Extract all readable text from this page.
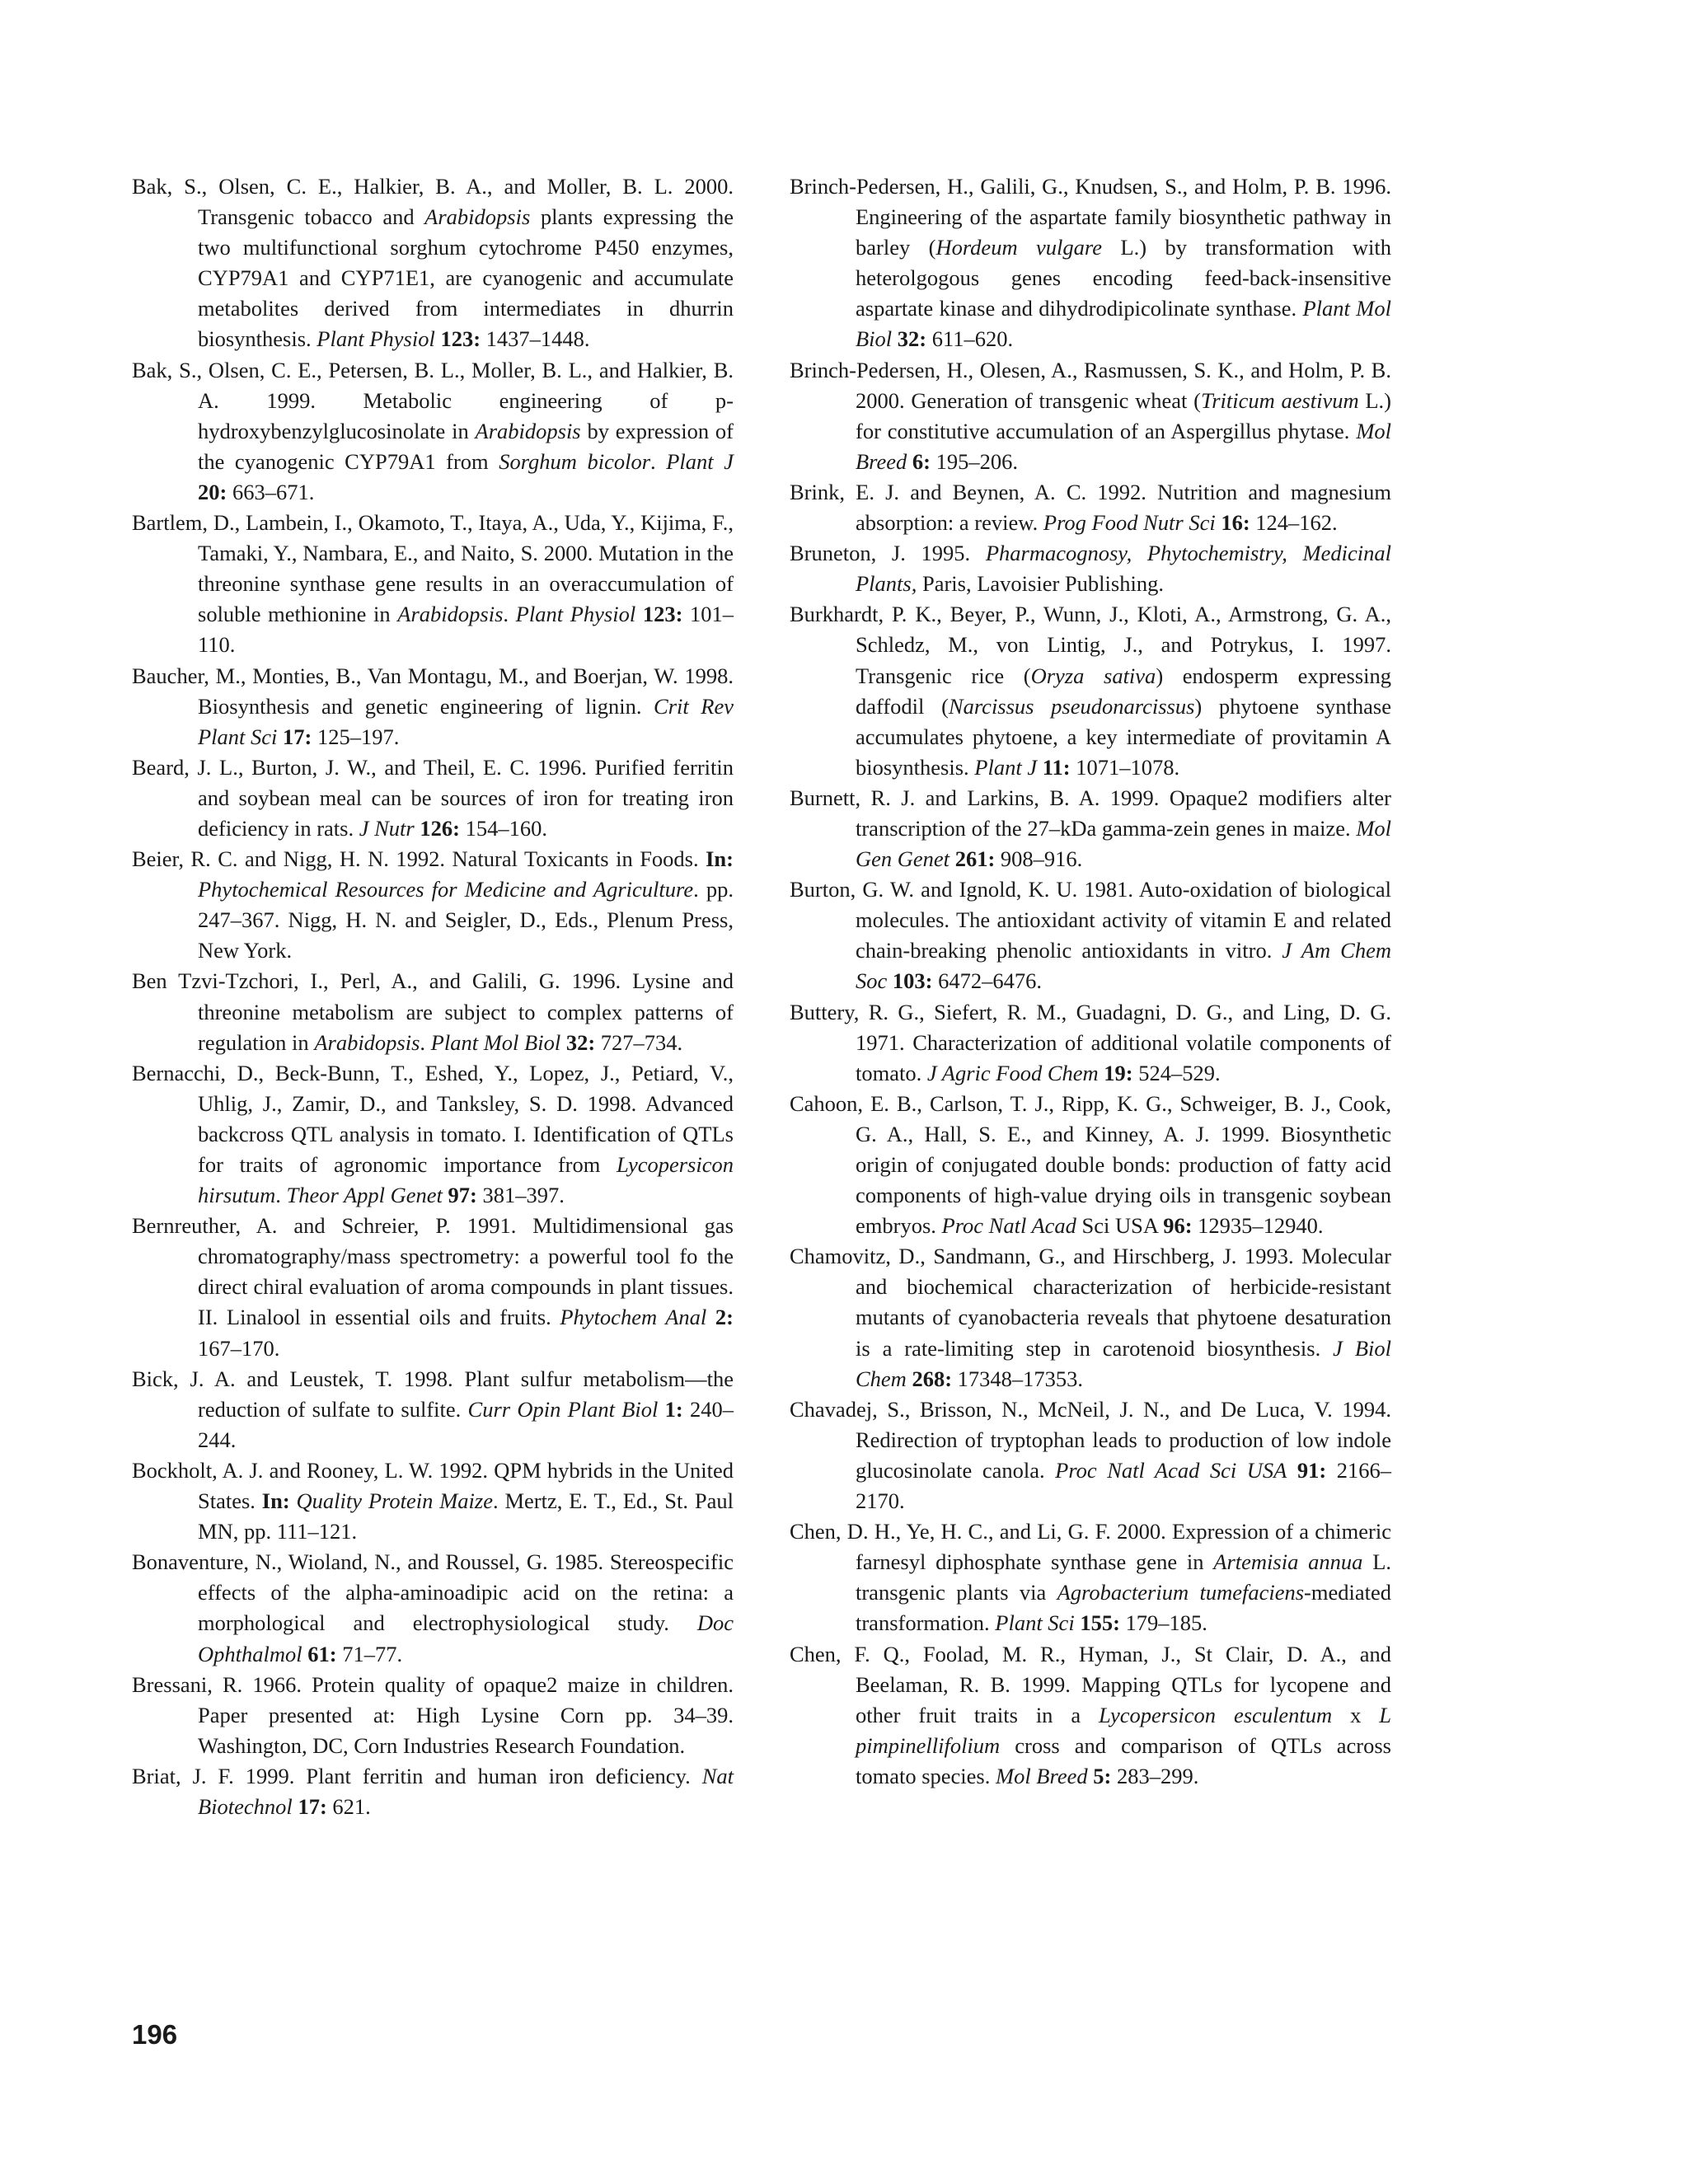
Bak, S., Olsen, C. E., Halkier, B. A., and Moller, B. L. 2000. Transgenic tobacco and Arabidopsis plants expressing the two multifunctional sorghum cytochrome P450 enzymes, CYP79A1 and CYP71E1, are cyanogenic and accumulate metabolites derived from intermediates in dhurrin biosynthesis. Plant Physiol 123: 1437–1448.

Bak, S., Olsen, C. E., Petersen, B. L., Moller, B. L., and Halkier, B. A. 1999. Metabolic engineering of p-hydroxybenzylglucosinolate in Arabidopsis by expression of the cyanogenic CYP79A1 from Sorghum bicolor. Plant J 20: 663–671.

Bartlem, D., Lambein, I., Okamoto, T., Itaya, A., Uda, Y., Kijima, F., Tamaki, Y., Nambara, E., and Naito, S. 2000. Mutation in the threonine synthase gene results in an overaccumulation of soluble methionine in Arabidopsis. Plant Physiol 123: 101–110.

Baucher, M., Monties, B., Van Montagu, M., and Boerjan, W. 1998. Biosynthesis and genetic engineering of lignin. Crit Rev Plant Sci 17: 125–197.

Beard, J. L., Burton, J. W., and Theil, E. C. 1996. Purified ferritin and soybean meal can be sources of iron for treating iron deficiency in rats. J Nutr 126: 154–160.

Beier, R. C. and Nigg, H. N. 1992. Natural Toxicants in Foods. In: Phytochemical Resources for Medicine and Agriculture. pp. 247–367. Nigg, H. N. and Seigler, D., Eds., Plenum Press, New York.

Ben Tzvi-Tzchori, I., Perl, A., and Galili, G. 1996. Lysine and threonine metabolism are subject to complex patterns of regulation in Arabidopsis. Plant Mol Biol 32: 727–734.

Bernacchi, D., Beck-Bunn, T., Eshed, Y., Lopez, J., Petiard, V., Uhlig, J., Zamir, D., and Tanksley, S. D. 1998. Advanced backcross QTL analysis in tomato. I. Identification of QTLs for traits of agronomic importance from Lycopersicon hirsutum. Theor Appl Genet 97: 381–397.

Bernreuther, A. and Schreier, P. 1991. Multidimensional gas chromatography/mass spectrometry: a powerful tool fo the direct chiral evaluation of aroma compounds in plant tissues. II. Linalool in essential oils and fruits. Phytochem Anal 2: 167–170.

Bick, J. A. and Leustek, T. 1998. Plant sulfur metabolism—the reduction of sulfate to sulfite. Curr Opin Plant Biol 1: 240–244.

Bockholt, A. J. and Rooney, L. W. 1992. QPM hybrids in the United States. In: Quality Protein Maize. Mertz, E. T., Ed., St. Paul MN, pp. 111–121.

Bonaventure, N., Wioland, N., and Roussel, G. 1985. Stereospecific effects of the alpha-aminoadipic acid on the retina: a morphological and electrophysiological study. Doc Ophthalmol 61: 71–77.

Bressani, R. 1966. Protein quality of opaque2 maize in children. Paper presented at: High Lysine Corn pp. 34–39. Washington, DC, Corn Industries Research Foundation.

Briat, J. F. 1999. Plant ferritin and human iron deficiency. Nat Biotechnol 17: 621.

Brinch-Pedersen, H., Galili, G., Knudsen, S., and Holm, P. B. 1996. Engineering of the aspartate family biosynthetic pathway in barley (Hordeum vulgare L.) by transformation with heterolgogous genes encoding feed-back-insensitive aspartate kinase and dihydrodipicolinate synthase. Plant Mol Biol 32: 611–620.

Brinch-Pedersen, H., Olesen, A., Rasmussen, S. K., and Holm, P. B. 2000. Generation of transgenic wheat (Triticum aestivum L.) for constitutive accumulation of an Aspergillus phytase. Mol Breed 6: 195–206.

Brink, E. J. and Beynen, A. C. 1992. Nutrition and magnesium absorption: a review. Prog Food Nutr Sci 16: 124–162.

Bruneton, J. 1995. Pharmacognosy, Phytochemistry, Medicinal Plants, Paris, Lavoisier Publishing.

Burkhardt, P. K., Beyer, P., Wunn, J., Kloti, A., Armstrong, G. A., Schledz, M., von Lintig, J., and Potrykus, I. 1997. Transgenic rice (Oryza sativa) endosperm expressing daffodil (Narcissus pseudonarcissus) phytoene synthase accumulates phytoene, a key intermediate of provitamin A biosynthesis. Plant J 11: 1071–1078.

Burnett, R. J. and Larkins, B. A. 1999. Opaque2 modifiers alter transcription of the 27–kDa gamma-zein genes in maize. Mol Gen Genet 261: 908–916.

Burton, G. W. and Ignold, K. U. 1981. Auto-oxidation of biological molecules. The antioxidant activity of vitamin E and related chain-breaking phenolic antioxidants in vitro. J Am Chem Soc 103: 6472–6476.

Buttery, R. G., Siefert, R. M., Guadagni, D. G., and Ling, D. G. 1971. Characterization of additional volatile components of tomato. J Agric Food Chem 19: 524–529.

Cahoon, E. B., Carlson, T. J., Ripp, K. G., Schweiger, B. J., Cook, G. A., Hall, S. E., and Kinney, A. J. 1999. Biosynthetic origin of conjugated double bonds: production of fatty acid components of high-value drying oils in transgenic soybean embryos. Proc Natl Acad Sci USA 96: 12935–12940.

Chamovitz, D., Sandmann, G., and Hirschberg, J. 1993. Molecular and biochemical characterization of herbicide-resistant mutants of cyanobacteria reveals that phytoene desaturation is a rate-limiting step in carotenoid biosynthesis. J Biol Chem 268: 17348–17353.

Chavadej, S., Brisson, N., McNeil, J. N., and De Luca, V. 1994. Redirection of tryptophan leads to production of low indole glucosinolate canola. Proc Natl Acad Sci USA 91: 2166–2170.

Chen, D. H., Ye, H. C., and Li, G. F. 2000. Expression of a chimeric farnesyl diphosphate synthase gene in Artemisia annua L. transgenic plants via Agrobacterium tumefaciens-mediated transformation. Plant Sci 155: 179–185.

Chen, F. Q., Foolad, M. R., Hyman, J., St Clair, D. A., and Beelaman, R. B. 1999. Mapping QTLs for lycopene and other fruit traits in a Lycopersicon esculentum x L pimpinellifolium cross and comparison of QTLs across tomato species. Mol Breed 5: 283–299.

196
